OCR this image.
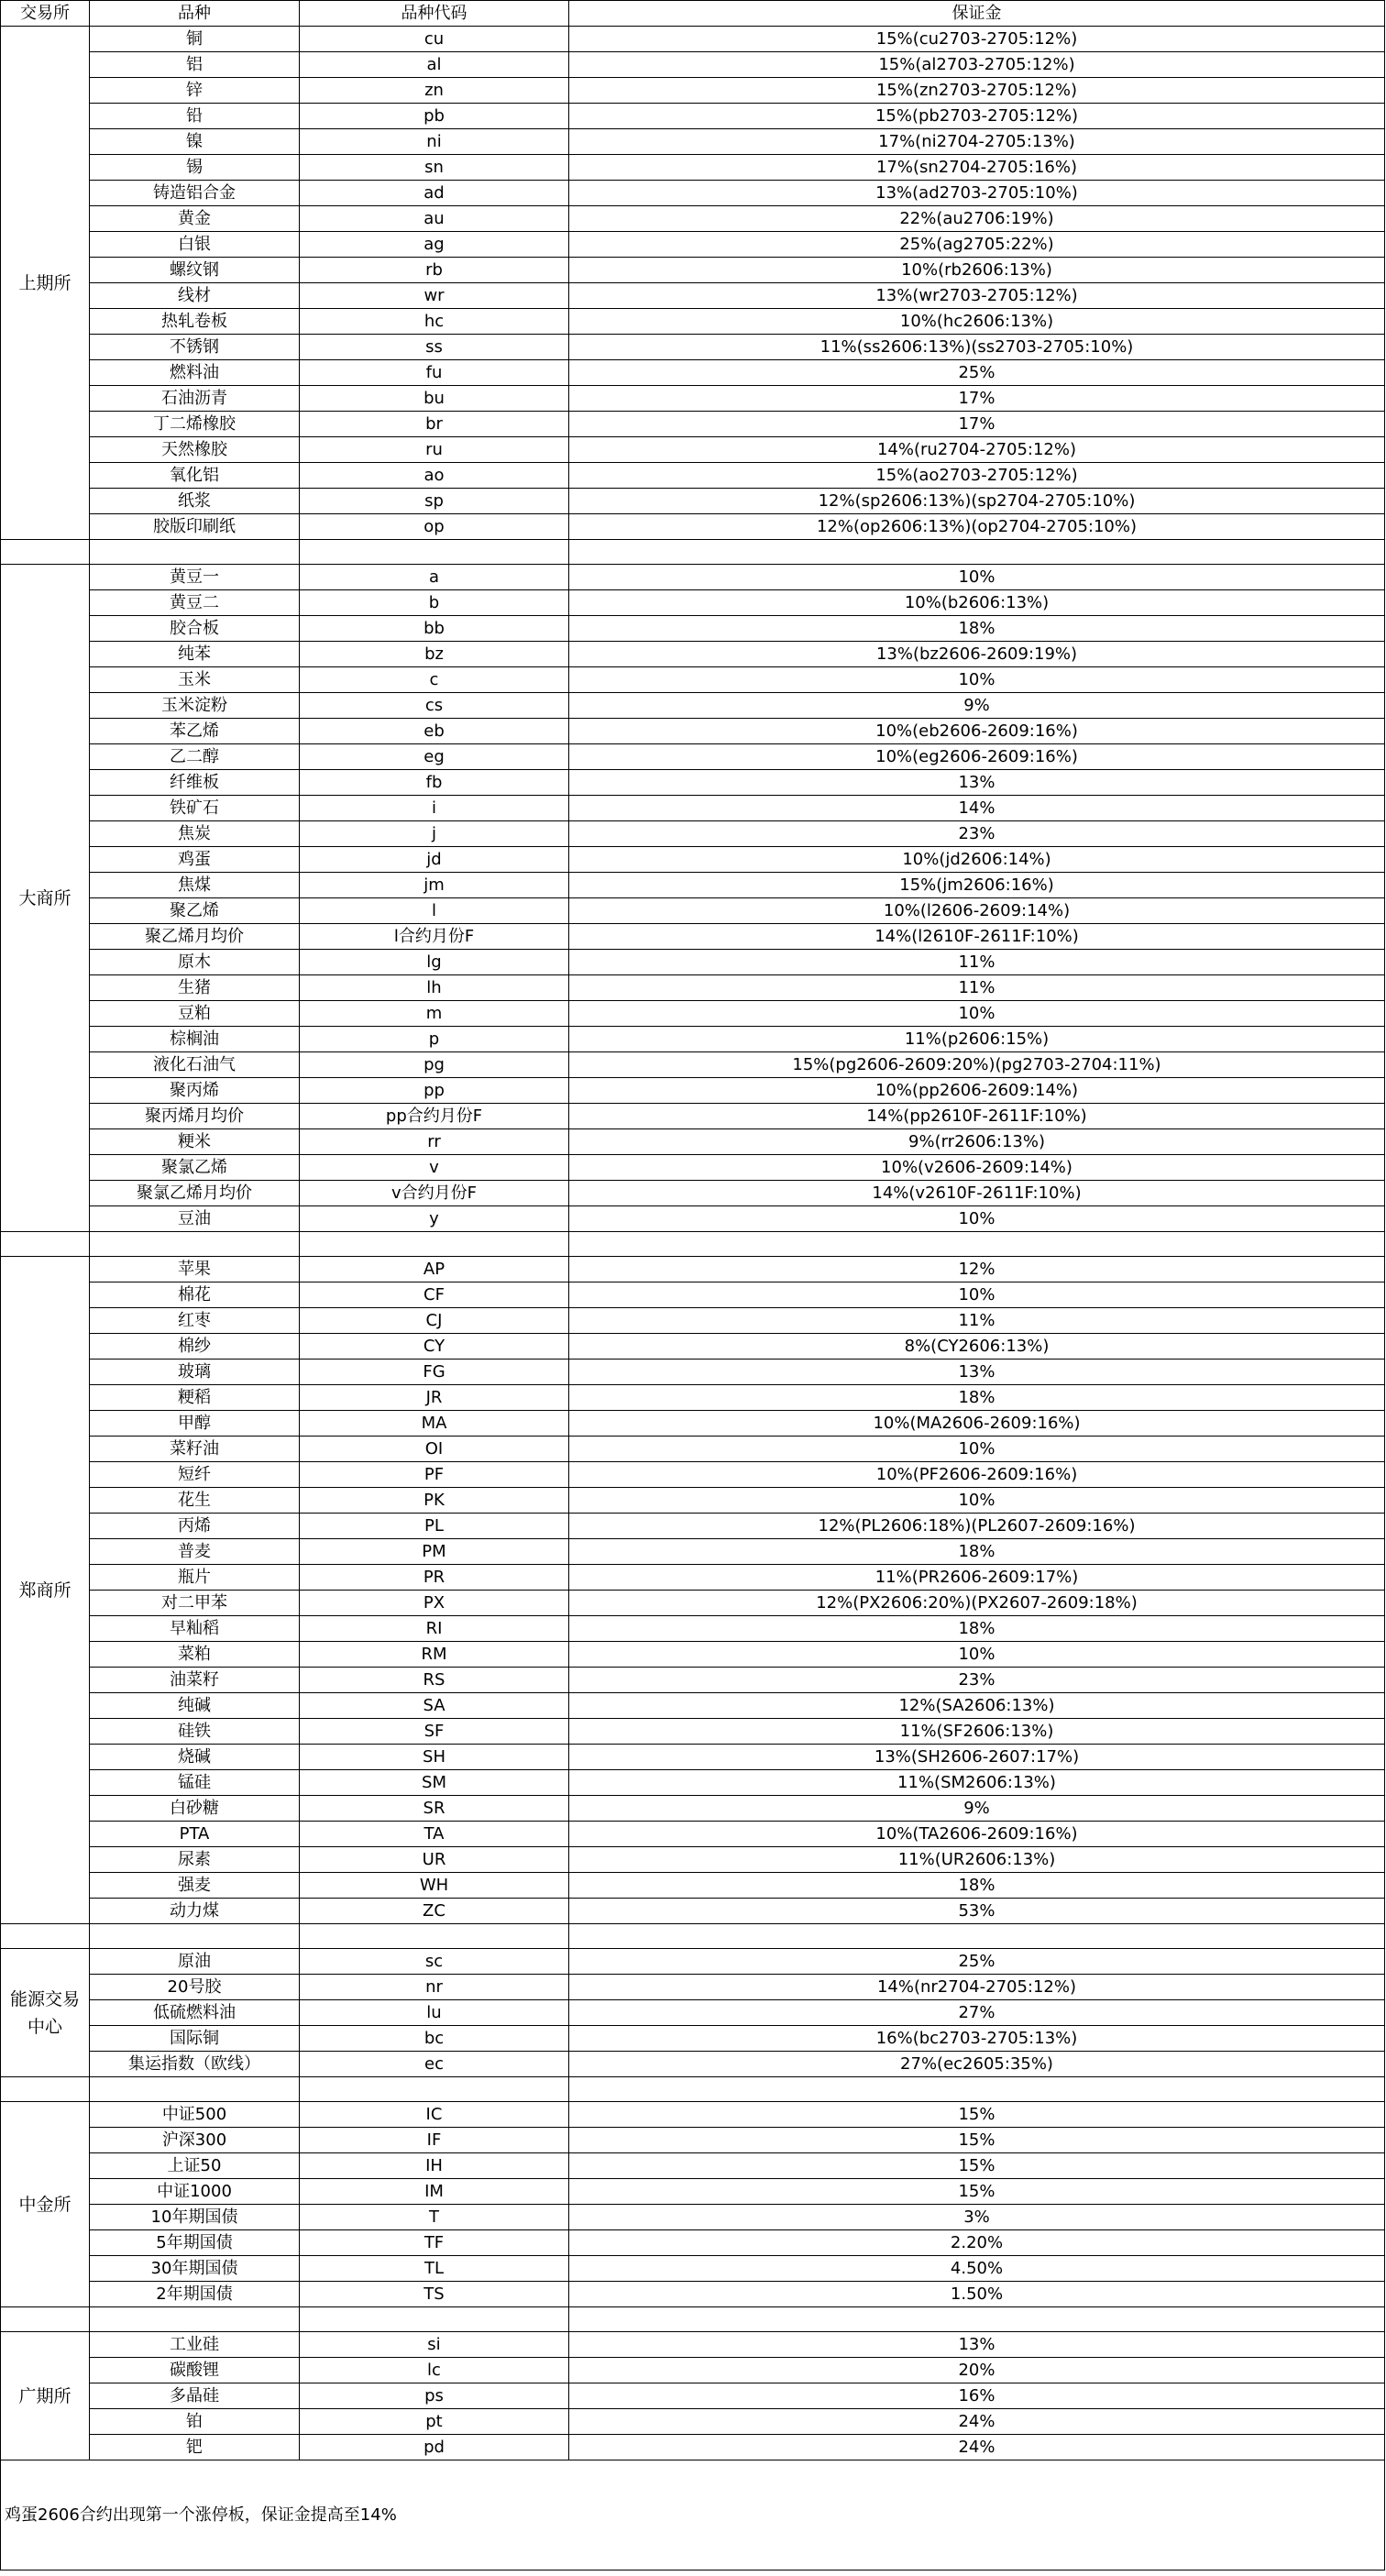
交易所	品种	品种代码	保证金
上期所	铜	cu	15%(cu2703-2705:12%)
	铝	al	15%(al2703-2705:12%)
	锌	zn	15%(zn2703-2705:12%)
	铅	pb	15%(pb2703-2705:12%)
	镍	ni	17%(ni2704-2705:13%)
	锡	sn	17%(sn2704-2705:16%)
	铸造铝合金	ad	13%(ad2703-2705:10%)
	黄金	au	22%(au2706:19%)
	白银	ag	25%(ag2705:22%)
	螺纹钢	rb	10%(rb2606:13%)
	线材	wr	13%(wr2703-2705:12%)
	热轧卷板	hc	10%(hc2606:13%)
	不锈钢	ss	11%(ss2606:13%)(ss2703-2705:10%)
	燃料油	fu	25%
	石油沥青	bu	17%
	丁二烯橡胶	br	17%
	天然橡胶	ru	14%(ru2704-2705:12%)
	氧化铝	ao	15%(ao2703-2705:12%)
	纸浆	sp	12%(sp2606:13%)(sp2704-2705:10%)
	胶版印刷纸	op	12%(op2606:13%)(op2704-2705:10%)

大商所	黄豆一	a	10%
	黄豆二	b	10%(b2606:13%)
	胶合板	bb	18%
	纯苯	bz	13%(bz2606-2609:19%)
	玉米	c	10%
	玉米淀粉	cs	9%
	苯乙烯	eb	10%(eb2606-2609:16%)
	乙二醇	eg	10%(eg2606-2609:16%)
	纤维板	fb	13%
	铁矿石	i	14%
	焦炭	j	23%
	鸡蛋	jd	10%(jd2606:14%)
	焦煤	jm	15%(jm2606:16%)
	聚乙烯	l	10%(l2606-2609:14%)
	聚乙烯月均价	l合约月份F	14%(l2610F-2611F:10%)
	原木	lg	11%
	生猪	lh	11%
	豆粕	m	10%
	棕榈油	p	11%(p2606:15%)
	液化石油气	pg	15%(pg2606-2609:20%)(pg2703-2704:11%)
	聚丙烯	pp	10%(pp2606-2609:14%)
	聚丙烯月均价	pp合约月份F	14%(pp2610F-2611F:10%)
	粳米	rr	9%(rr2606:13%)
	聚氯乙烯	v	10%(v2606-2609:14%)
	聚氯乙烯月均价	v合约月份F	14%(v2610F-2611F:10%)
	豆油	y	10%

郑商所	苹果	AP	12%
	棉花	CF	10%
	红枣	CJ	11%
	棉纱	CY	8%(CY2606:13%)
	玻璃	FG	13%
	粳稻	JR	18%
	甲醇	MA	10%(MA2606-2609:16%)
	菜籽油	OI	10%
	短纤	PF	10%(PF2606-2609:16%)
	花生	PK	10%
	丙烯	PL	12%(PL2606:18%)(PL2607-2609:16%)
	普麦	PM	18%
	瓶片	PR	11%(PR2606-2609:17%)
	对二甲苯	PX	12%(PX2606:20%)(PX2607-2609:18%)
	早籼稻	RI	18%
	菜粕	RM	10%
	油菜籽	RS	23%
	纯碱	SA	12%(SA2606:13%)
	硅铁	SF	11%(SF2606:13%)
	烧碱	SH	13%(SH2606-2607:17%)
	锰硅	SM	11%(SM2606:13%)
	白砂糖	SR	9%
	PTA	TA	10%(TA2606-2609:16%)
	尿素	UR	11%(UR2606:13%)
	强麦	WH	18%
	动力煤	ZC	53%

能源交易中心	原油	sc	25%
	20号胶	nr	14%(nr2704-2705:12%)
	低硫燃料油	lu	27%
	国际铜	bc	16%(bc2703-2705:13%)
	集运指数（欧线）	ec	27%(ec2605:35%)

中金所	中证500	IC	15%
	沪深300	IF	15%
	上证50	IH	15%
	中证1000	IM	15%
	10年期国债	T	3%
	5年期国债	TF	2.20%
	30年期国债	TL	4.50%
	2年期国债	TS	1.50%

广期所	工业硅	si	13%
	碳酸锂	lc	20%
	多晶硅	ps	16%
	铂	pt	24%
	钯	pd	24%
鸡蛋2606合约出现第一个涨停板，保证金提高至14%			
